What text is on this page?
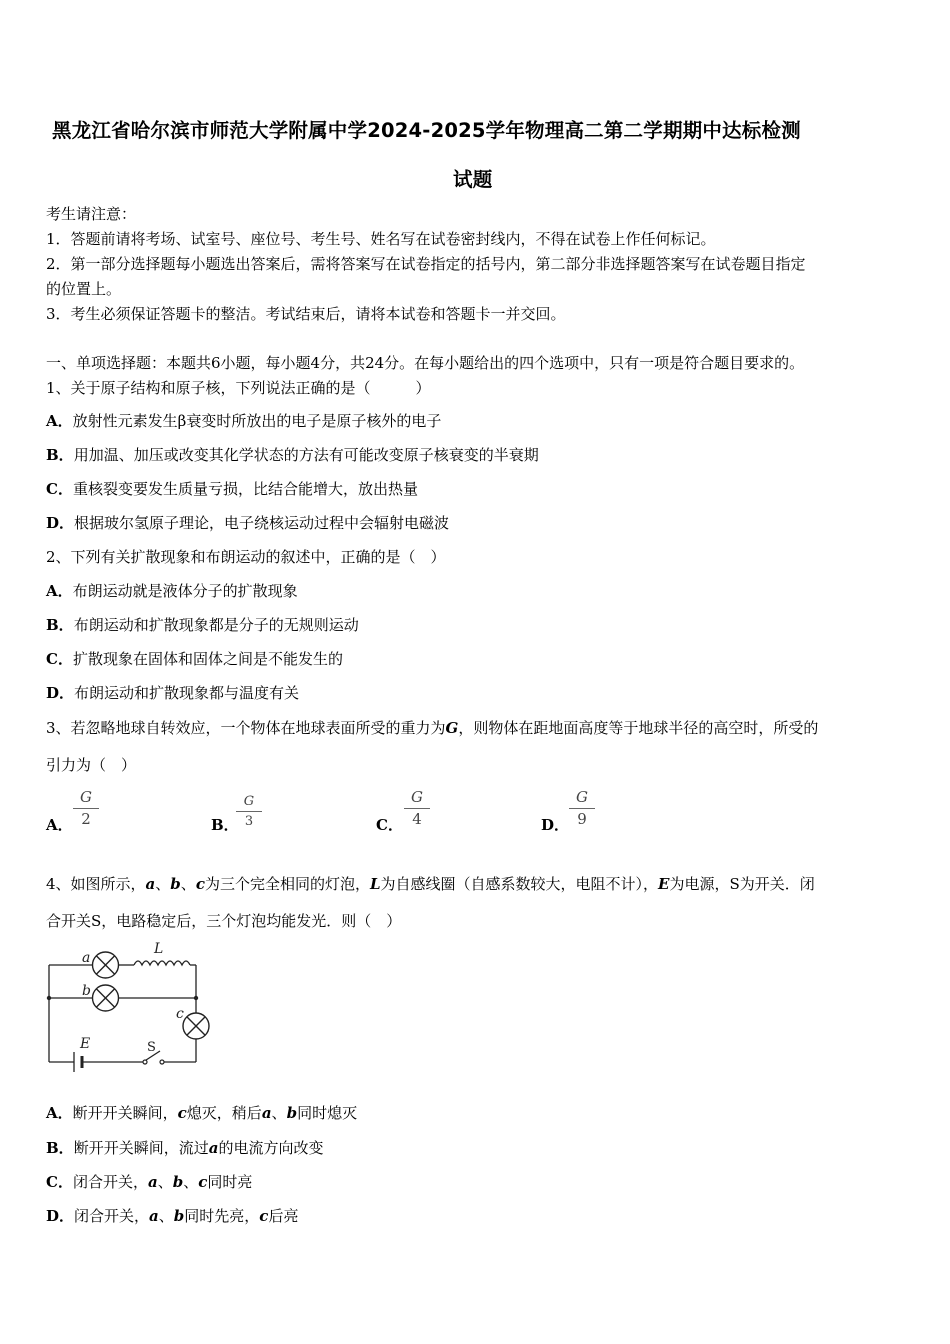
黑龙江省哈尔滨市师范大学附属中学2024-2025学年物理高二第二学期期中达标检测
试题
考生请注意：
1．答题前请将考场、试室号、座位号、考生号、姓名写在试卷密封线内，不得在试卷上作任何标记。
2．第一部分选择题每小题选出答案后，需将答案写在试卷指定的括号内，第二部分非选择题答案写在试卷题目指定
的位置上。
3．考生必须保证答题卡的整洁。考试结束后，请将本试卷和答题卡一并交回。
一、单项选择题：本题共6小题，每小题4分，共24分。在每小题给出的四个选项中，只有一项是符合题目要求的。
1、关于原子结构和原子核，下列说法正确的是（　　　）
A．放射性元素发生β衰变时所放出的电子是原子核外的电子
B．用加温、加压或改变其化学状态的方法有可能改变原子核衰变的半衰期
C．重核裂变要发生质量亏损，比结合能增大，放出热量
D．根据玻尔氢原子理论，电子绕核运动过程中会辐射电磁波
2、下列有关扩散现象和布朗运动的叙述中，正确的是（　）
A．布朗运动就是液体分子的扩散现象
B．布朗运动和扩散现象都是分子的无规则运动
C．扩散现象在固体和固体之间是不能发生的
D．布朗运动和扩散现象都与温度有关
3、若忽略地球自转效应，一个物体在地球表面所受的重力为G，则物体在距地面高度等于地球半径的高空时，所受的
引力为（　）
A．
G
2	B．
G
3	C．
G
4	D．
G
9
4、如图所示，a、b、c为三个完全相同的灯泡，L为自感线圈（自感系数较大，电阻不计），E为电源，S为开关．闭
合开关S，电路稳定后，三个灯泡均能发光．则（　）
a
b
c
L
E	S
A．断开开关瞬间，c熄灭，稍后a、b同时熄灭
B．断开开关瞬间，流过a的电流方向改变
C．闭合开关，a、b、c同时亮
D．闭合开关，a、b同时先亮，c后亮
